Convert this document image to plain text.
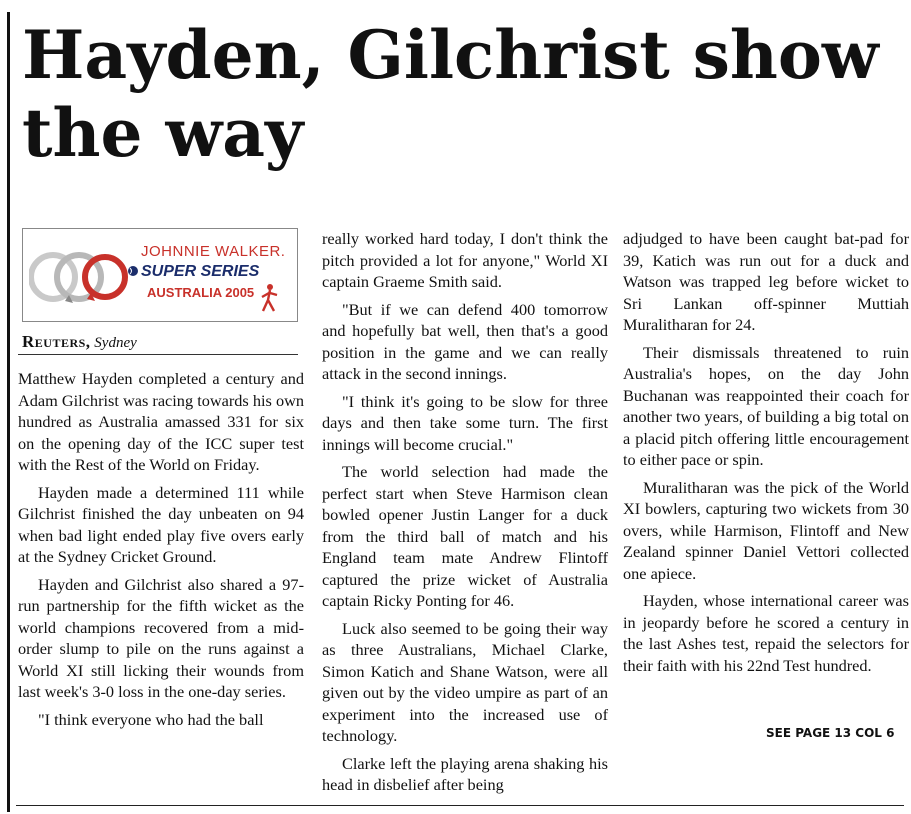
Hayden, Gilchrist show the way
JOHNNIE WALKER.
SUPER SERIES
AUSTRALIA 2005
Reuters, Sydney

Matthew Hayden completed a century and Adam Gilchrist was racing towards his own hundred as Australia amassed 331 for six on the opening day of the ICC super test with the Rest of the World on Friday.

Hayden made a determined 111 while Gilchrist finished the day unbeaten on 94 when bad light ended play five overs early at the Sydney Cricket Ground.

Hayden and Gilchrist also shared a 97-run partnership for the fifth wicket as the world champions recovered from a mid-order slump to pile on the runs against a World XI still licking their wounds from last week's 3-0 loss in the one-day series.

"I think everyone who had the ball

really worked hard today, I don't think the pitch provided a lot for anyone," World XI captain Graeme Smith said.

"But if we can defend 400 tomorrow and hopefully bat well, then that's a good position in the game and we can really attack in the second innings.

"I think it's going to be slow for three days and then take some turn. The first innings will become crucial."

The world selection had made the perfect start when Steve Harmison clean bowled opener Justin Langer for a duck from the third ball of match and his England team mate Andrew Flintoff captured the prize wicket of Australia captain Ricky Ponting for 46.

Luck also seemed to be going their way as three Australians, Michael Clarke, Simon Katich and Shane Watson, were all given out by the video umpire as part of an experiment into the increased use of technology.

Clarke left the playing arena shaking his head in disbelief after being

adjudged to have been caught bat-pad for 39, Katich was run out for a duck and Watson was trapped leg before wicket to Sri Lankan off-spinner Muttiah Muralitharan for 24.

Their dismissals threatened to ruin Australia's hopes, on the day John Buchanan was reappointed their coach for another two years, of building a big total on a placid pitch offering little encouragement to either pace or spin.

Muralitharan was the pick of the World XI bowlers, capturing two wickets from 30 overs, while Harmison, Flintoff and New Zealand spinner Daniel Vettori collected one apiece.

Hayden, whose international career was in jeopardy before he scored a century in the last Ashes test, repaid the selectors for their faith with his 22nd Test hundred.

SEE PAGE 13 COL 6
